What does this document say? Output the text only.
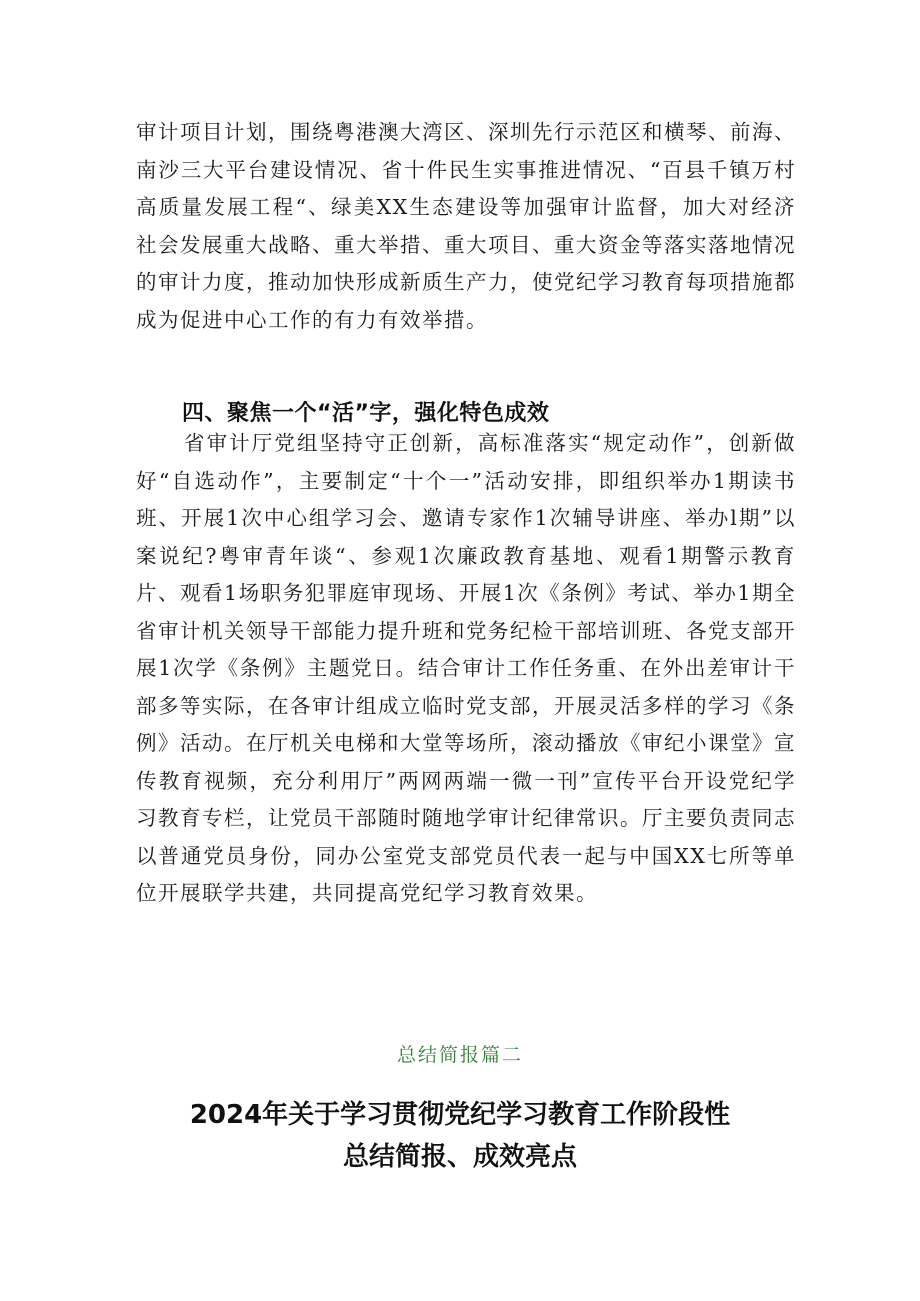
审计项目计划，围绕粤港澳大湾区、深圳先行示范区和横琴、前海、南沙三大平台建设情况、省十件民生实事推进情况、“百县千镇万村高质量发展工程“、绿美XX生态建设等加强审计监督，加大对经济社会发展重大战略、重大举措、重大项目、重大资金等落实落地情况的审计力度，推动加快形成新质生产力，使党纪学习教育每项措施都成为促进中心工作的有力有效举措。

四、聚焦一个“活”字，强化特色成效

省审计厅党组坚持守正创新，高标准落实“规定动作”，创新做好“自选动作”，主要制定“十个一”活动安排，即组织举办1期读书班、开展1次中心组学习会、邀请专家作1次辅导讲座、举办l期”以案说纪?粤审青年谈“、参观1次廉政教育基地、观看1期警示教育片、观看1场职务犯罪庭审现场、开展1次《条例》考试、举办1期全省审计机关领导干部能力提升班和党务纪检干部培训班、各党支部开展1次学《条例》主题党日。结合审计工作任务重、在外出差审计干部多等实际，在各审计组成立临时党支部，开展灵活多样的学习《条例》活动。在厅机关电梯和大堂等场所，滚动播放《审纪小课堂》宣传教育视频，充分利用厅”两网两端一微一刊”宣传平台开设党纪学习教育专栏，让党员干部随时随地学审计纪律常识。厅主要负责同志以普通党员身份，同办公室党支部党员代表一起与中国XX七所等单位开展联学共建，共同提高党纪学习教育效果。

总结简报篇二

2024年关于学习贯彻党纪学习教育工作阶段性
总结简报、成效亮点
